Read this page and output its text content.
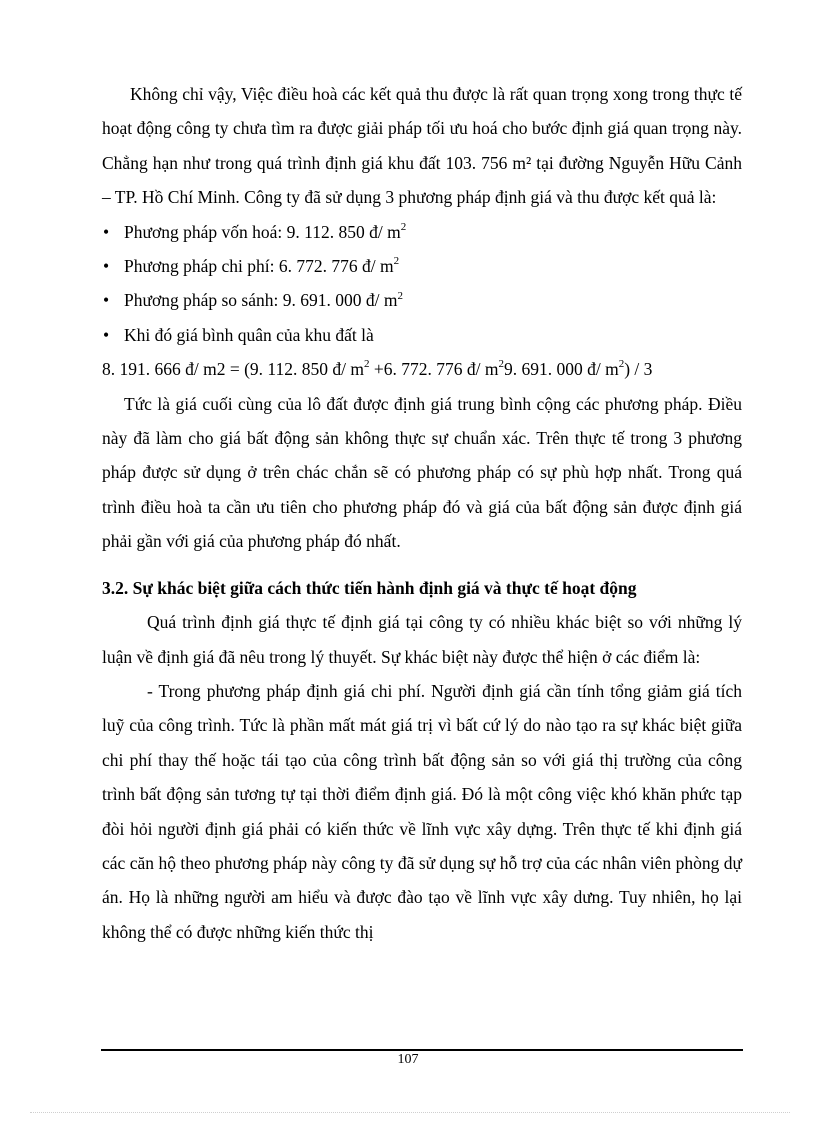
Không chỉ vậy, Việc điều hoà các kết quả thu được là rất quan trọng xong trong thực tế hoạt động công ty chưa tìm ra được giải pháp tối ưu hoá cho bước định giá quan trọng này. Chẳng hạn như trong quá trình định giá khu đất 103. 756 m² tại đường Nguyễn Hữu Cảnh – TP. Hồ Chí Minh. Công ty đã sử dụng 3 phương pháp định giá và thu được kết quả là:

• Phương pháp vốn hoá: 9. 112. 850 đ/ $m^2$

• Phương pháp chi phí: 6. 772. 776 đ/ $m^2$

• Phương pháp so sánh: 9. 691. 000 đ/ $m^2$

• Khi đó giá bình quân của khu đất là

8. 191. 666 đ/ m2 = (9. 112. 850 đ/ $m^2 +6$. 772. 776 đ/ $m^29$. 691. 000 đ/ $m^2) / 3$

Tức là giá cuối cùng của lô đất được định giá trung bình cộng các phương pháp. Điều này đã làm cho giá bất động sản không thực sự chuẩn xác. Trên thực tế trong 3 phương pháp được sử dụng ở trên chác chắn sẽ có phương pháp có sự phù hợp nhất. Trong quá trình điều hoà ta cần ưu tiên cho phương pháp đó và giá của bất động sản được định giá phải gần với giá của phương pháp đó nhất.

3.2. Sự khác biệt giữa cách thức tiến hành định giá và thực tế hoạt động

Quá trình định giá thực tế định giá tại công ty có nhiều khác biệt so với những lý luận về định giá đã nêu trong lý thuyết. Sự khác biệt này được thể hiện ở các điểm là:

- Trong phương pháp định giá chi phí. Người định giá cần tính tổng giảm giá tích luỹ của công trình. Tức là phần mất mát giá trị vì bất cứ lý do nào tạo ra sự khác biệt giữa chi phí thay thế hoặc tái tạo của công trình bất động sản so với giá thị trường của công trình bất động sản tương tự tại thời điểm định giá. Đó là một công việc khó khăn phức tạp đòi hỏi người định giá phải có kiến thức về lĩnh vực xây dựng. Trên thực tế khi định giá các căn hộ theo phương pháp này công ty đã sử dụng sự hỗ trợ của các nhân viên phòng dự án. Họ là những người am hiểu và được đào tạo về lĩnh vực xây dưng. Tuy nhiên, họ lại không thể có được những kiến thức thị

107
